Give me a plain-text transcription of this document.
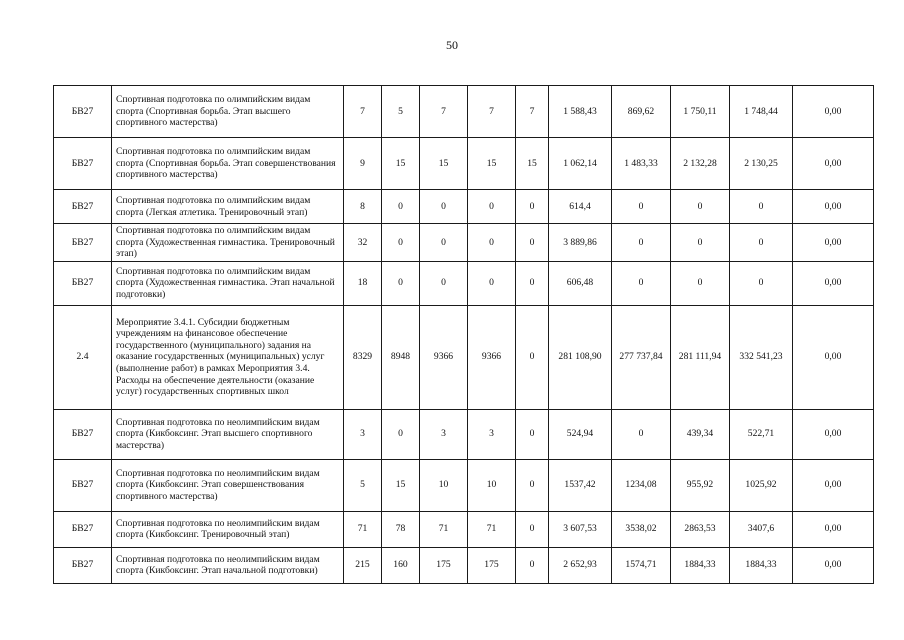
50
БВ27	Спортивная подготовка по олимпийским видам спорта (Спортивная борьба. Этап высшего спортивного мастерства)	7	5	7	7	7	1 588,43	869,62	1 750,11	1 748,44	0,00
БВ27	Спортивная подготовка по олимпийским видам спорта (Спортивная борьба. Этап совершенствования спортивного мастерства)	9	15	15	15	15	1 062,14	1 483,33	2 132,28	2 130,25	0,00
БВ27	Спортивная подготовка по олимпийским видам спорта (Легкая атлетика. Тренировочный этап)	8	0	0	0	0	614,4	0	0	0	0,00
БВ27	Спортивная подготовка по олимпийским видам спорта (Художественная гимнастика. Тренировочный этап)	32	0	0	0	0	3 889,86	0	0	0	0,00
БВ27	Спортивная подготовка по олимпийским видам спорта (Художественная гимнастика. Этап начальной подготовки)	18	0	0	0	0	606,48	0	0	0	0,00
2.4	Мероприятие 3.4.1. Субсидии бюджетным учреждениям на финансовое обеспечение государственного (муниципального) задания на оказание государственных (муниципальных) услуг (выполнение работ) в рамках Мероприятия 3.4. Расходы на обеспечение деятельности (оказание услуг) государственных спортивных школ	8329	8948	9366	9366	0	281 108,90	277 737,84	281 111,94	332 541,23	0,00
БВ27	Спортивная подготовка по неолимпийским видам спорта (Кикбоксинг. Этап высшего спортивного мастерства)	3	0	3	3	0	524,94	0	439,34	522,71	0,00
БВ27	Спортивная подготовка по неолимпийским видам спорта (Кикбоксинг. Этап совершенствования спортивного мастерства)	5	15	10	10	0	1537,42	1234,08	955,92	1025,92	0,00
БВ27	Спортивная подготовка по неолимпийским видам спорта (Кикбоксинг. Тренировочный этап)	71	78	71	71	0	3 607,53	3538,02	2863,53	3407,6	0,00
БВ27	Спортивная подготовка по неолимпийским видам спорта (Кикбоксинг. Этап начальной подготовки)	215	160	175	175	0	2 652,93	1574,71	1884,33	1884,33	0,00
